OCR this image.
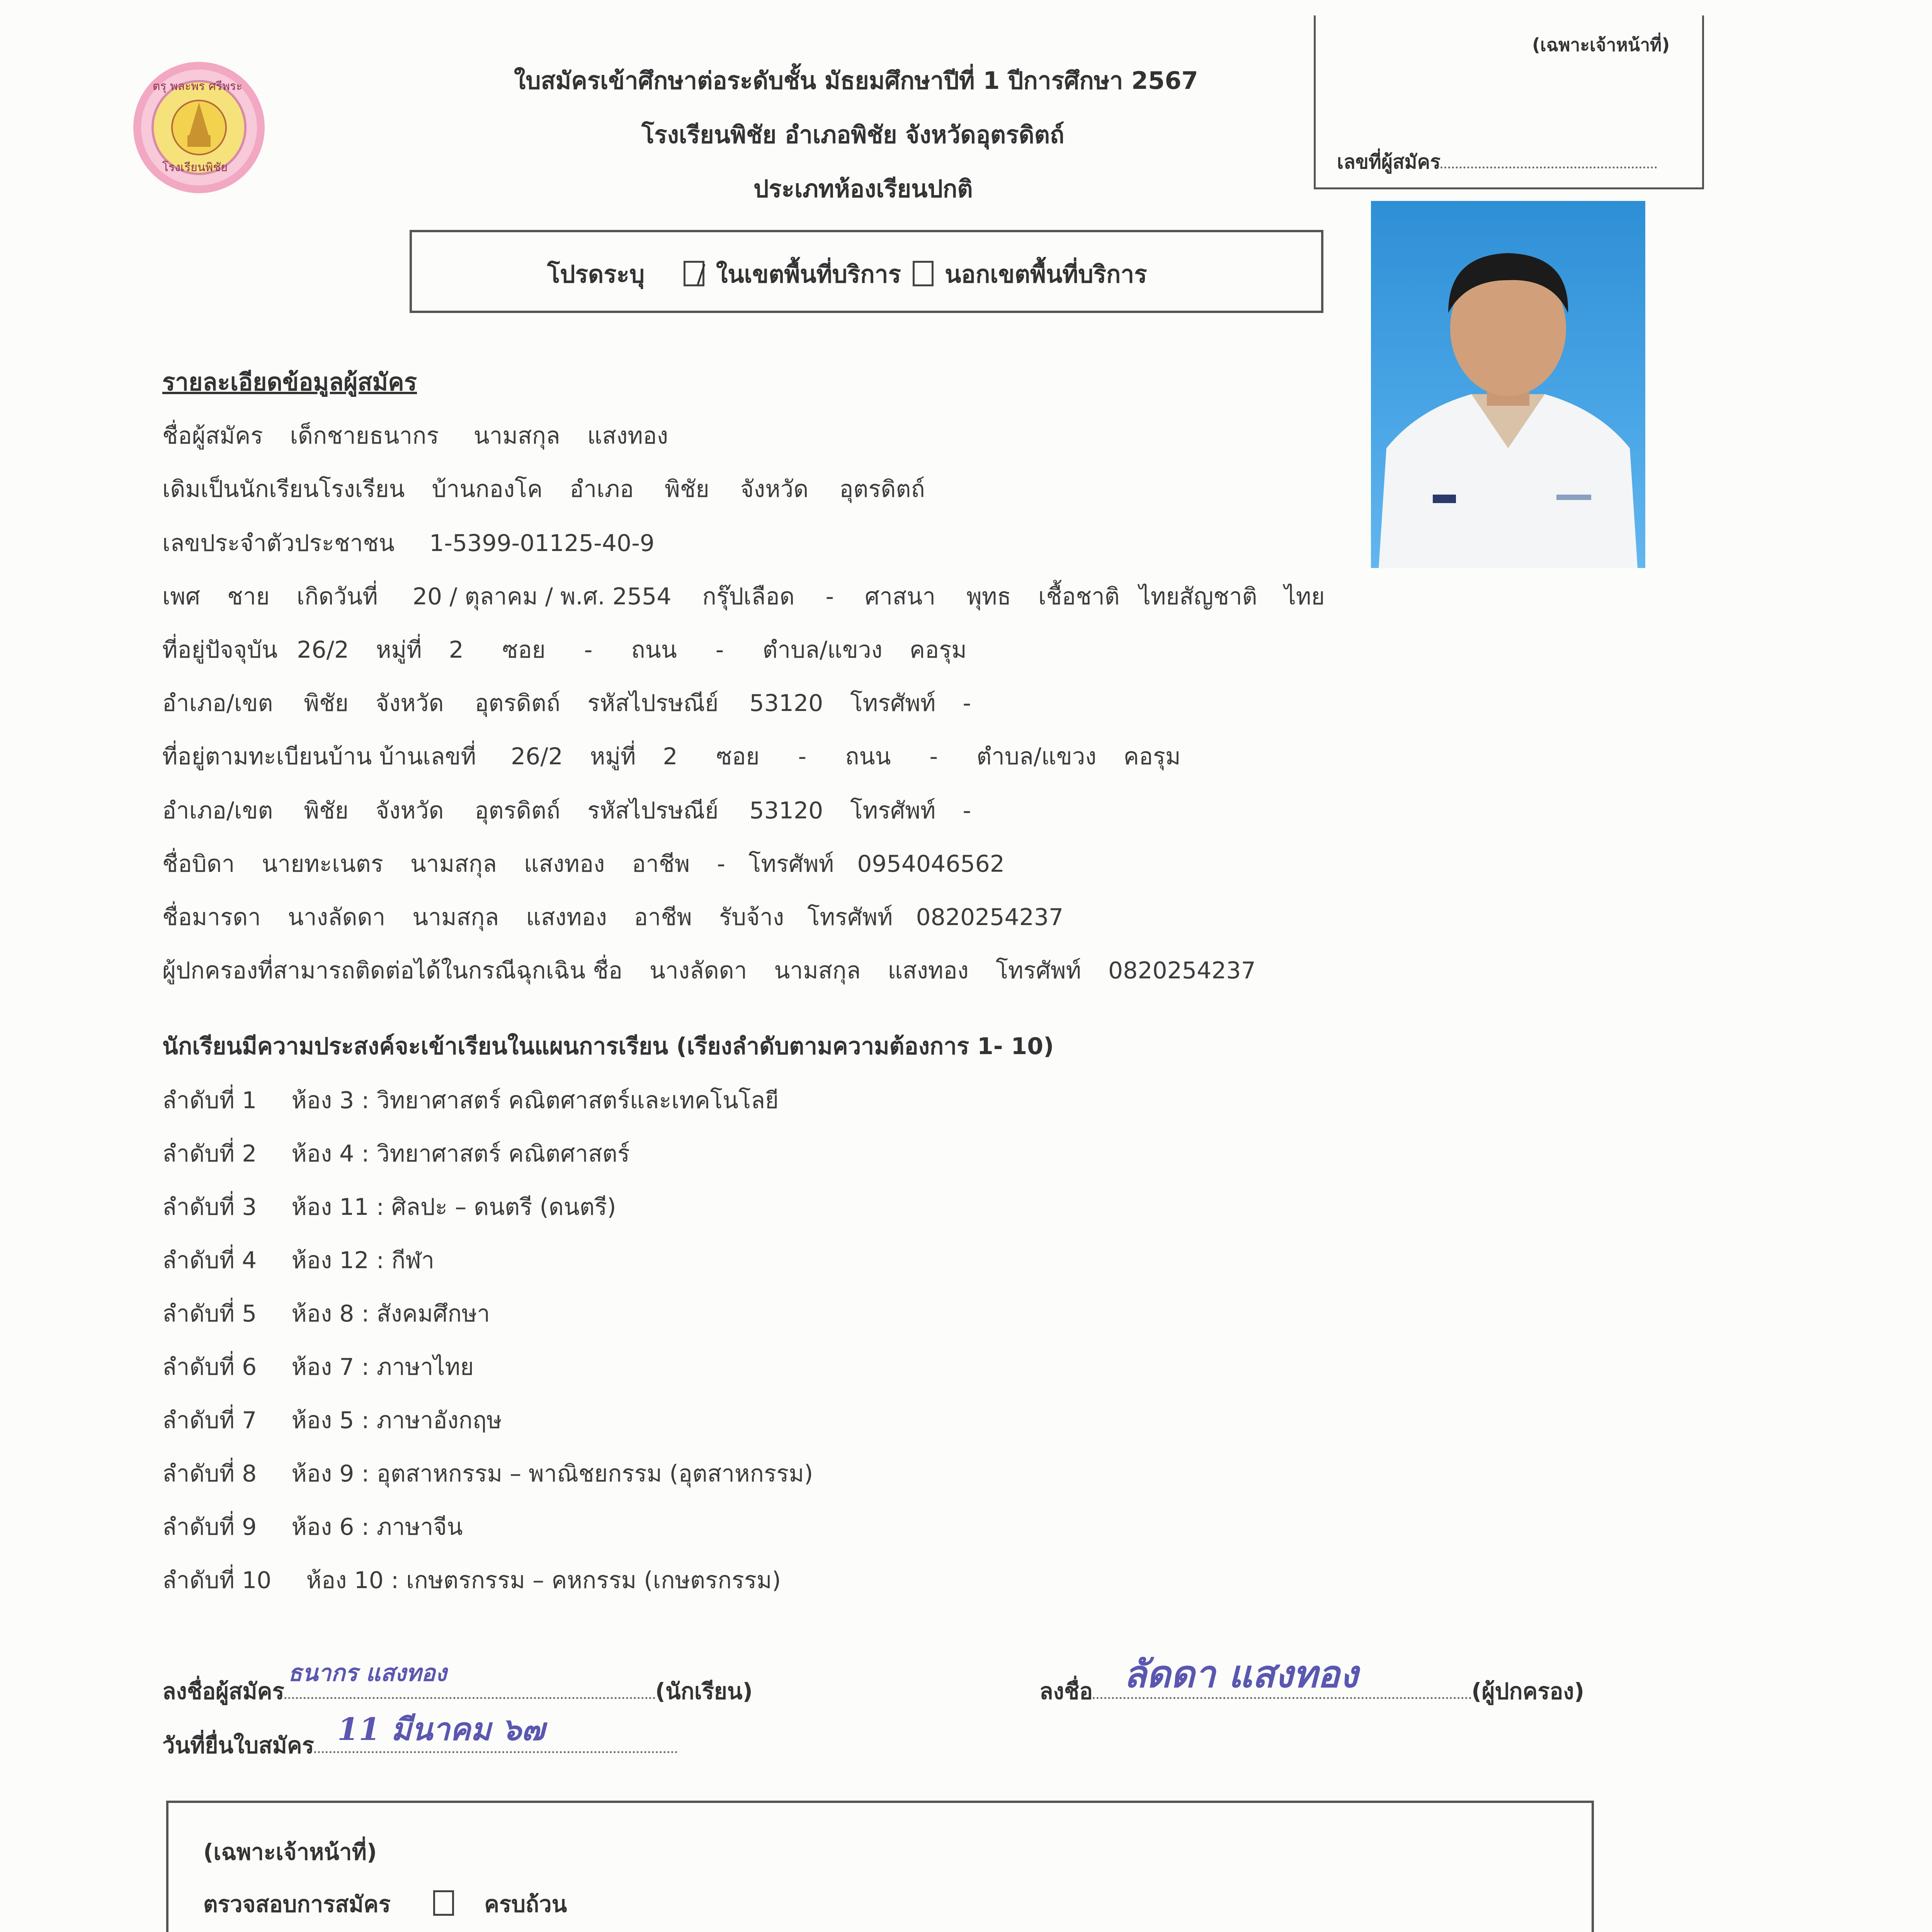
ตรุ พละพร ศรีพระ
โรงเรียนพิชัย
ใบสมัครเข้าศึกษาต่อระดับชั้น มัธยมศึกษาปีที่ 1 ปีการศึกษา 2567
โรงเรียนพิชัย อำเภอพิชัย จังหวัดอุตรดิตถ์
ประเภทห้องเรียนปกติ
(เฉพาะเจ้าหน้าที่)
เลขที่ผู้สมัคร
โปรดระบุ	ในเขตพื้นที่บริการ นอกเขตพื้นที่บริการ
รายละเอียดข้อมูลผู้สมัคร
ชื่อผู้สมัคร เด็กชายธนากร นามสกุล แสงทอง
เดิมเป็นนักเรียนโรงเรียน บ้านกองโค อำเภอ พิชัย จังหวัด อุตรดิตถ์
เลขประจำตัวประชาชน 1-5399-01125-40-9
เพศ ชาย เกิดวันที่ 20 / ตุลาคม / พ.ศ. 2554 กรุ๊ปเลือด - ศาสนา พุทธ เชื้อชาติ ไทยสัญชาติ ไทย
ที่อยู่ปัจจุบัน 26/2 หมู่ที่ 2 ซอย - ถนน - ตำบล/แขวง คอรุม
อำเภอ/เขต พิชัย จังหวัด อุตรดิตถ์ รหัสไปรษณีย์ 53120 โทรศัพท์ -
ที่อยู่ตามทะเบียนบ้าน บ้านเลขที่ 26/2 หมู่ที่ 2 ซอย - ถนน - ตำบล/แขวง คอรุม
อำเภอ/เขต พิชัย จังหวัด อุตรดิตถ์ รหัสไปรษณีย์ 53120 โทรศัพท์ -
ชื่อบิดา นายทะเนตร นามสกุล แสงทอง อาชีพ - โทรศัพท์ 0954046562
ชื่อมารดา นางลัดดา นามสกุล แสงทอง อาชีพ รับจ้าง โทรศัพท์ 0820254237
ผู้ปกครองที่สามารถติดต่อได้ในกรณีฉุกเฉิน ชื่อ นางลัดดา นามสกุล แสงทอง โทรศัพท์ 0820254237
นักเรียนมีความประสงค์จะเข้าเรียนในแผนการเรียน (เรียงลำดับตามความต้องการ 1- 10)
ลำดับที่ 1 ห้อง 3 : วิทยาศาสตร์ คณิตศาสตร์และเทคโนโลยี
ลำดับที่ 2 ห้อง 4 : วิทยาศาสตร์ คณิตศาสตร์
ลำดับที่ 3 ห้อง 11 : ศิลปะ – ดนตรี (ดนตรี)
ลำดับที่ 4 ห้อง 12 : กีฬา
ลำดับที่ 5 ห้อง 8 : สังคมศึกษา
ลำดับที่ 6 ห้อง 7 : ภาษาไทย
ลำดับที่ 7 ห้อง 5 : ภาษาอังกฤษ
ลำดับที่ 8 ห้อง 9 : อุตสาหกรรม – พาณิชยกรรม (อุตสาหกรรม)
ลำดับที่ 9 ห้อง 6 : ภาษาจีน
ลำดับที่ 10 ห้อง 10 : เกษตรกรรม – คหกรรม (เกษตรกรรม)
ลงชื่อผู้สมัคร
ธนากร แสงทอง
(นักเรียน)	ลงชื่อ ลัดดา แสงทอง	(ผู้ปกครอง)
วันที่ยื่นใบสมัคร 11 มีนาคม ๖๗
(เฉพาะเจ้าหน้าที่)
ตรวจสอบการสมัคร	ครบถ้วน
